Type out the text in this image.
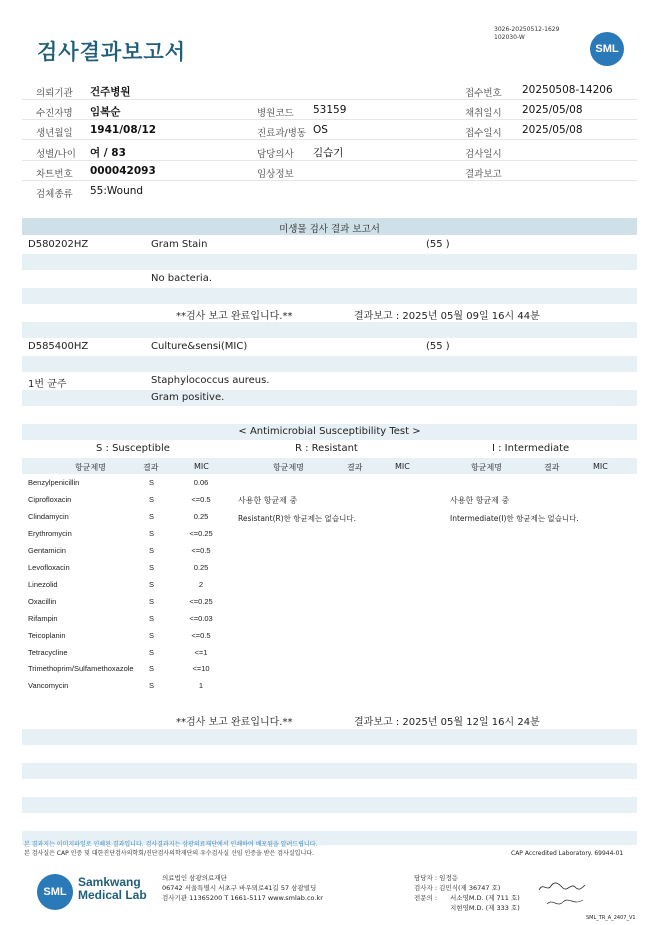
검사결과보고서
3026-20250512-1629
102030-W
SML
의뢰기관 건주병원	접수번호 20250508-14206
수진자명 임복순	병원코드 53159	채취일시 2025/05/08
생년월일 1941/08/12	진료과/병동 OS	접수일시 2025/05/08
성별/나이 여 / 83	담당의사 김습기	검사일시
차트번호 000042093	임상정보	결과보고
검체종류 55:Wound
미생물 검사 결과 보고서
D580202HZ	Gram Stain	(55 )
No bacteria.
**검사 보고 완료입니다.**	결과보고 : 2025년 05월 09일 16시 44분
D585400HZ	Culture&sensi(MIC)	(55 )
1번 균주	Staphylococcus aureus.
Gram positive.
< Antimicrobial Susceptibility Test >
S : Susceptible	R : Resistant	I : Intermediate
항균제명	결과	MIC	항균제명	결과	MIC	항균제명	결과	MIC
Benzylpenicillin	S	0.06
Ciprofloxacin	S	<=0.5
Clindamycin	S	0.25
Erythromycin	S	<=0.25
Gentamicin	S	<=0.5
Levofloxacin	S	0.25
Linezolid	S	2
Oxacillin	S	<=0.25
Rifampin	S	<=0.03
Teicoplanin	S	<=0.5
Tetracycline	S	<=1
Trimethoprim/Sulfamethoxazole S	<=10
Vancomycin	S	1
사용한 항균제 중
Resistant(R)한 항균제는 없습니다.
사용한 항균제 중
Intermediate(I)한 항균제는 없습니다.
**검사 보고 완료입니다.**	결과보고 : 2025년 05월 12일 16시 24분
본 결과지는 이미지파일로 인쇄된 결과입니다. 검사결과지는 삼광의료재단에서 인쇄하여 배포됨을 알려드립니다.
본 검사실은 CAP 인증 및 대한진단검사의학회/진단검사의학재단의 우수검사실 신임 인증을 받은 검사실입니다.	CAP Accredited Laboratory. 69944-01
SML
Samkwang
Medical Lab
의료법인 삼광의료재단
06742 서울특별시 서초구 바우뫼로41길 57 삼광빌딩
검사기관 11365200 T 1661-5117 www.smlab.co.kr
담당자 : 임정응
검사자 : 김민식(제 36747 호)
전문의 : 서소영M.D. (제 711 호)
지현영M.D. (제 333 호)
SML_TR_A_2407_V1
